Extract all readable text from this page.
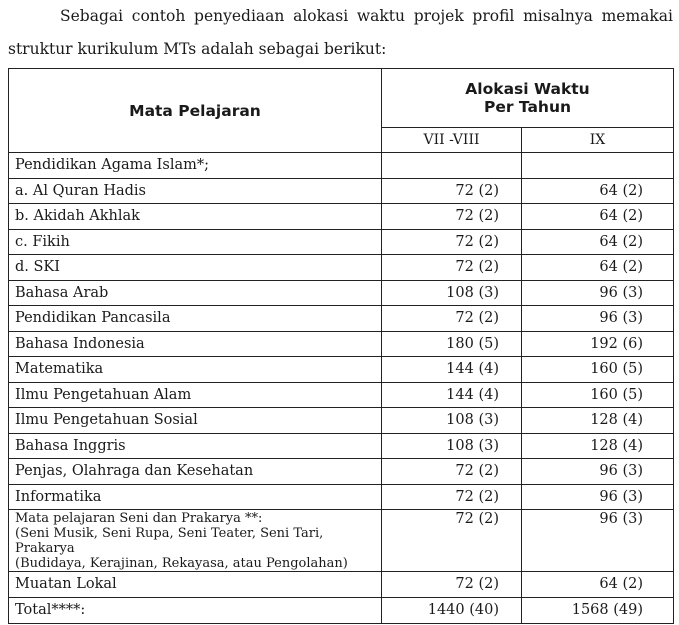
Sebagai contoh penyediaan alokasi waktu projek profil misalnya memakai struktur kurikulum MTs adalah sebagai berikut:

Mata Pelajaran	Alokasi Waktu
Per Tahun	
	VII -VIII	IX
Pendidikan Agama Islam*;		
a. Al Quran Hadis	72 (2)	64 (2)
b. Akidah Akhlak	72 (2)	64 (2)
c. Fikih	72 (2)	64 (2)
d. SKI	72 (2)	64 (2)
Bahasa Arab	108 (3)	96 (3)
Pendidikan Pancasila	72 (2)	96 (3)
Bahasa Indonesia	180 (5)	192 (6)
Matematika	144 (4)	160 (5)
Ilmu Pengetahuan Alam	144 (4)	160 (5)
Ilmu Pengetahuan Sosial	108 (3)	128 (4)
Bahasa Inggris	108 (3)	128 (4)
Penjas, Olahraga dan Kesehatan	72 (2)	96 (3)
Informatika	72 (2)	96 (3)

Mata pelajaran Seni dan Prakarya **:
(Seni Musik, Seni Rupa, Seni Teater, Seni Tari, Prakarya
(Budidaya, Kerajinan, Rekayasa, atau Pengolahan)	72 (2)	96 (3)
Muatan Lokal	72 (2)	64 (2)
Total****:	1440 (40)	1568 (49)
